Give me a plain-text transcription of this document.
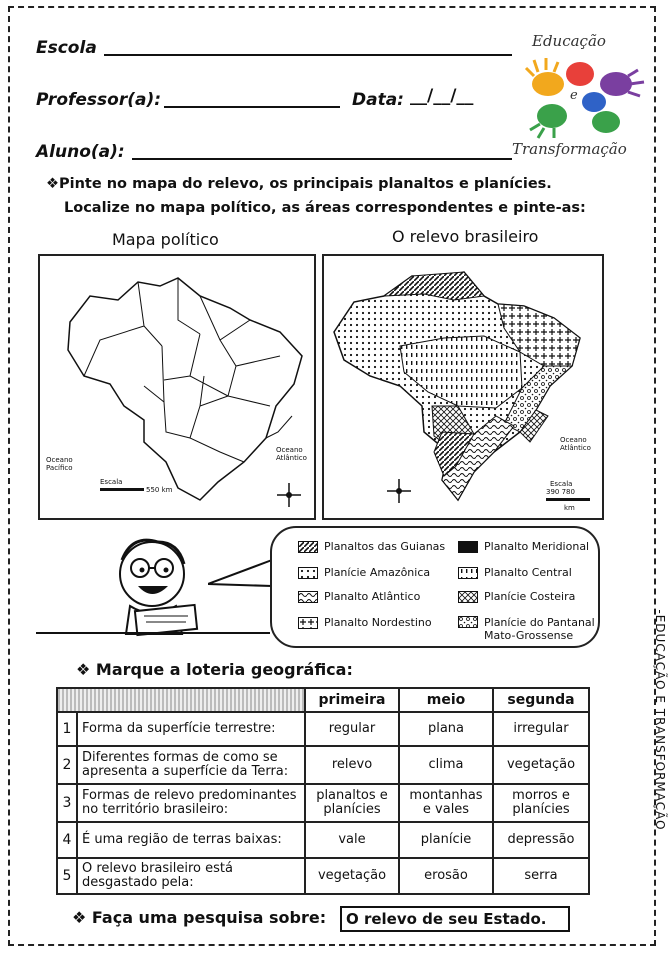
Escola
Professor(a):	Data: __/__/__
Aluno(a):
Educação
e
Transformação
❖Pinte no mapa do relevo, os principais planaltos e planícies.
Localize no mapa político, as áreas correspondentes e pinte-as:
Mapa político	O relevo brasileiro
Oceano Atlântico
Oceano Pacífico
Escala
550 km
Oceano Atlântico
Escala
390 780
km
Planaltos das Guianas	Planalto Meridional
Planície Amazônica	Planalto Central
Planalto Atlântico	Planície Costeira
Planalto Nordestino	Planície do Pantanal Mato-Grossense
❖ Marque a loteria geográfica:
		primeira	meio	segunda
1	Forma da superfície terrestre:	regular	plana	irregular
2	Diferentes formas de como se apresenta a superfície da Terra:	relevo	clima	vegetação
3	Formas de relevo predominantes no território brasileiro:	planaltos e planícies	montanhas e vales	morros e planícies
4	É uma região de terras baixas:	vale	planície	depressão
5	O relevo brasileiro está desgastado pela:	vegetação	erosão	serra
❖ Faça uma pesquisa sobre:	O relevo de seu Estado.
-EDUCAÇÃO E TRANSFORMAÇÃO
